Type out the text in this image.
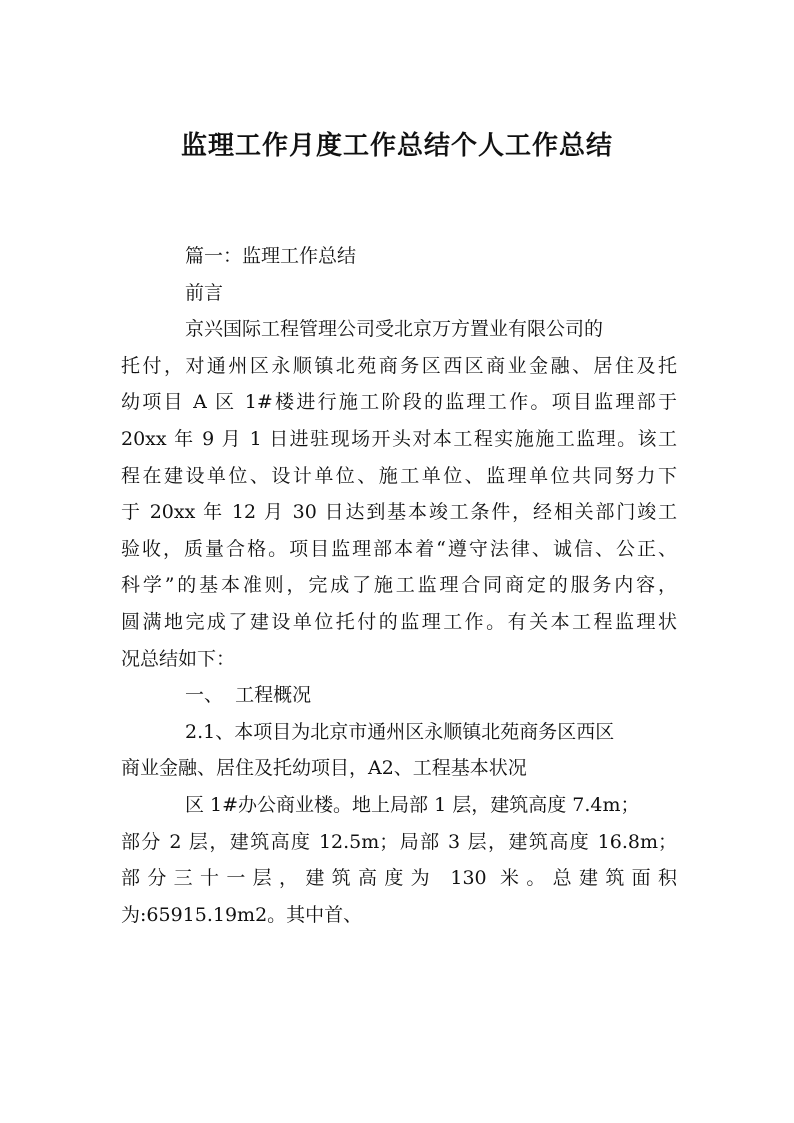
监理工作月度工作总结个人工作总结
篇一：监理工作总结
前言
京兴国际工程管理公司受北京万方置业有限公司的
托付，对通州区永顺镇北苑商务区西区商业金融、居住及托
幼项目 A 区 1#楼进行施工阶段的监理工作。项目监理部于
20xx 年 9 月 1 日进驻现场开头对本工程实施施工监理。该工
程在建设单位、设计单位、施工单位、监理单位共同努力下
于 20xx 年 12 月 30 日达到基本竣工条件，经相关部门竣工
验收，质量合格。项目监理部本着“遵守法律、诚信、公正、
科学”的基本准则，完成了施工监理合同商定的服务内容，
圆满地完成了建设单位托付的监理工作。有关本工程监理状
况总结如下：
一、  工程概况
2.1、本项目为北京市通州区永顺镇北苑商务区西区
商业金融、居住及托幼项目，A2、工程基本状况
区 1#办公商业楼。地上局部 1 层，建筑高度 7.4m；
部分 2 层，建筑高度 12.5m；局部 3 层，建筑高度 16.8m；
部分三十一层，建筑高度为 130 米。总建筑面积
为:65915.19m2。其中首、
